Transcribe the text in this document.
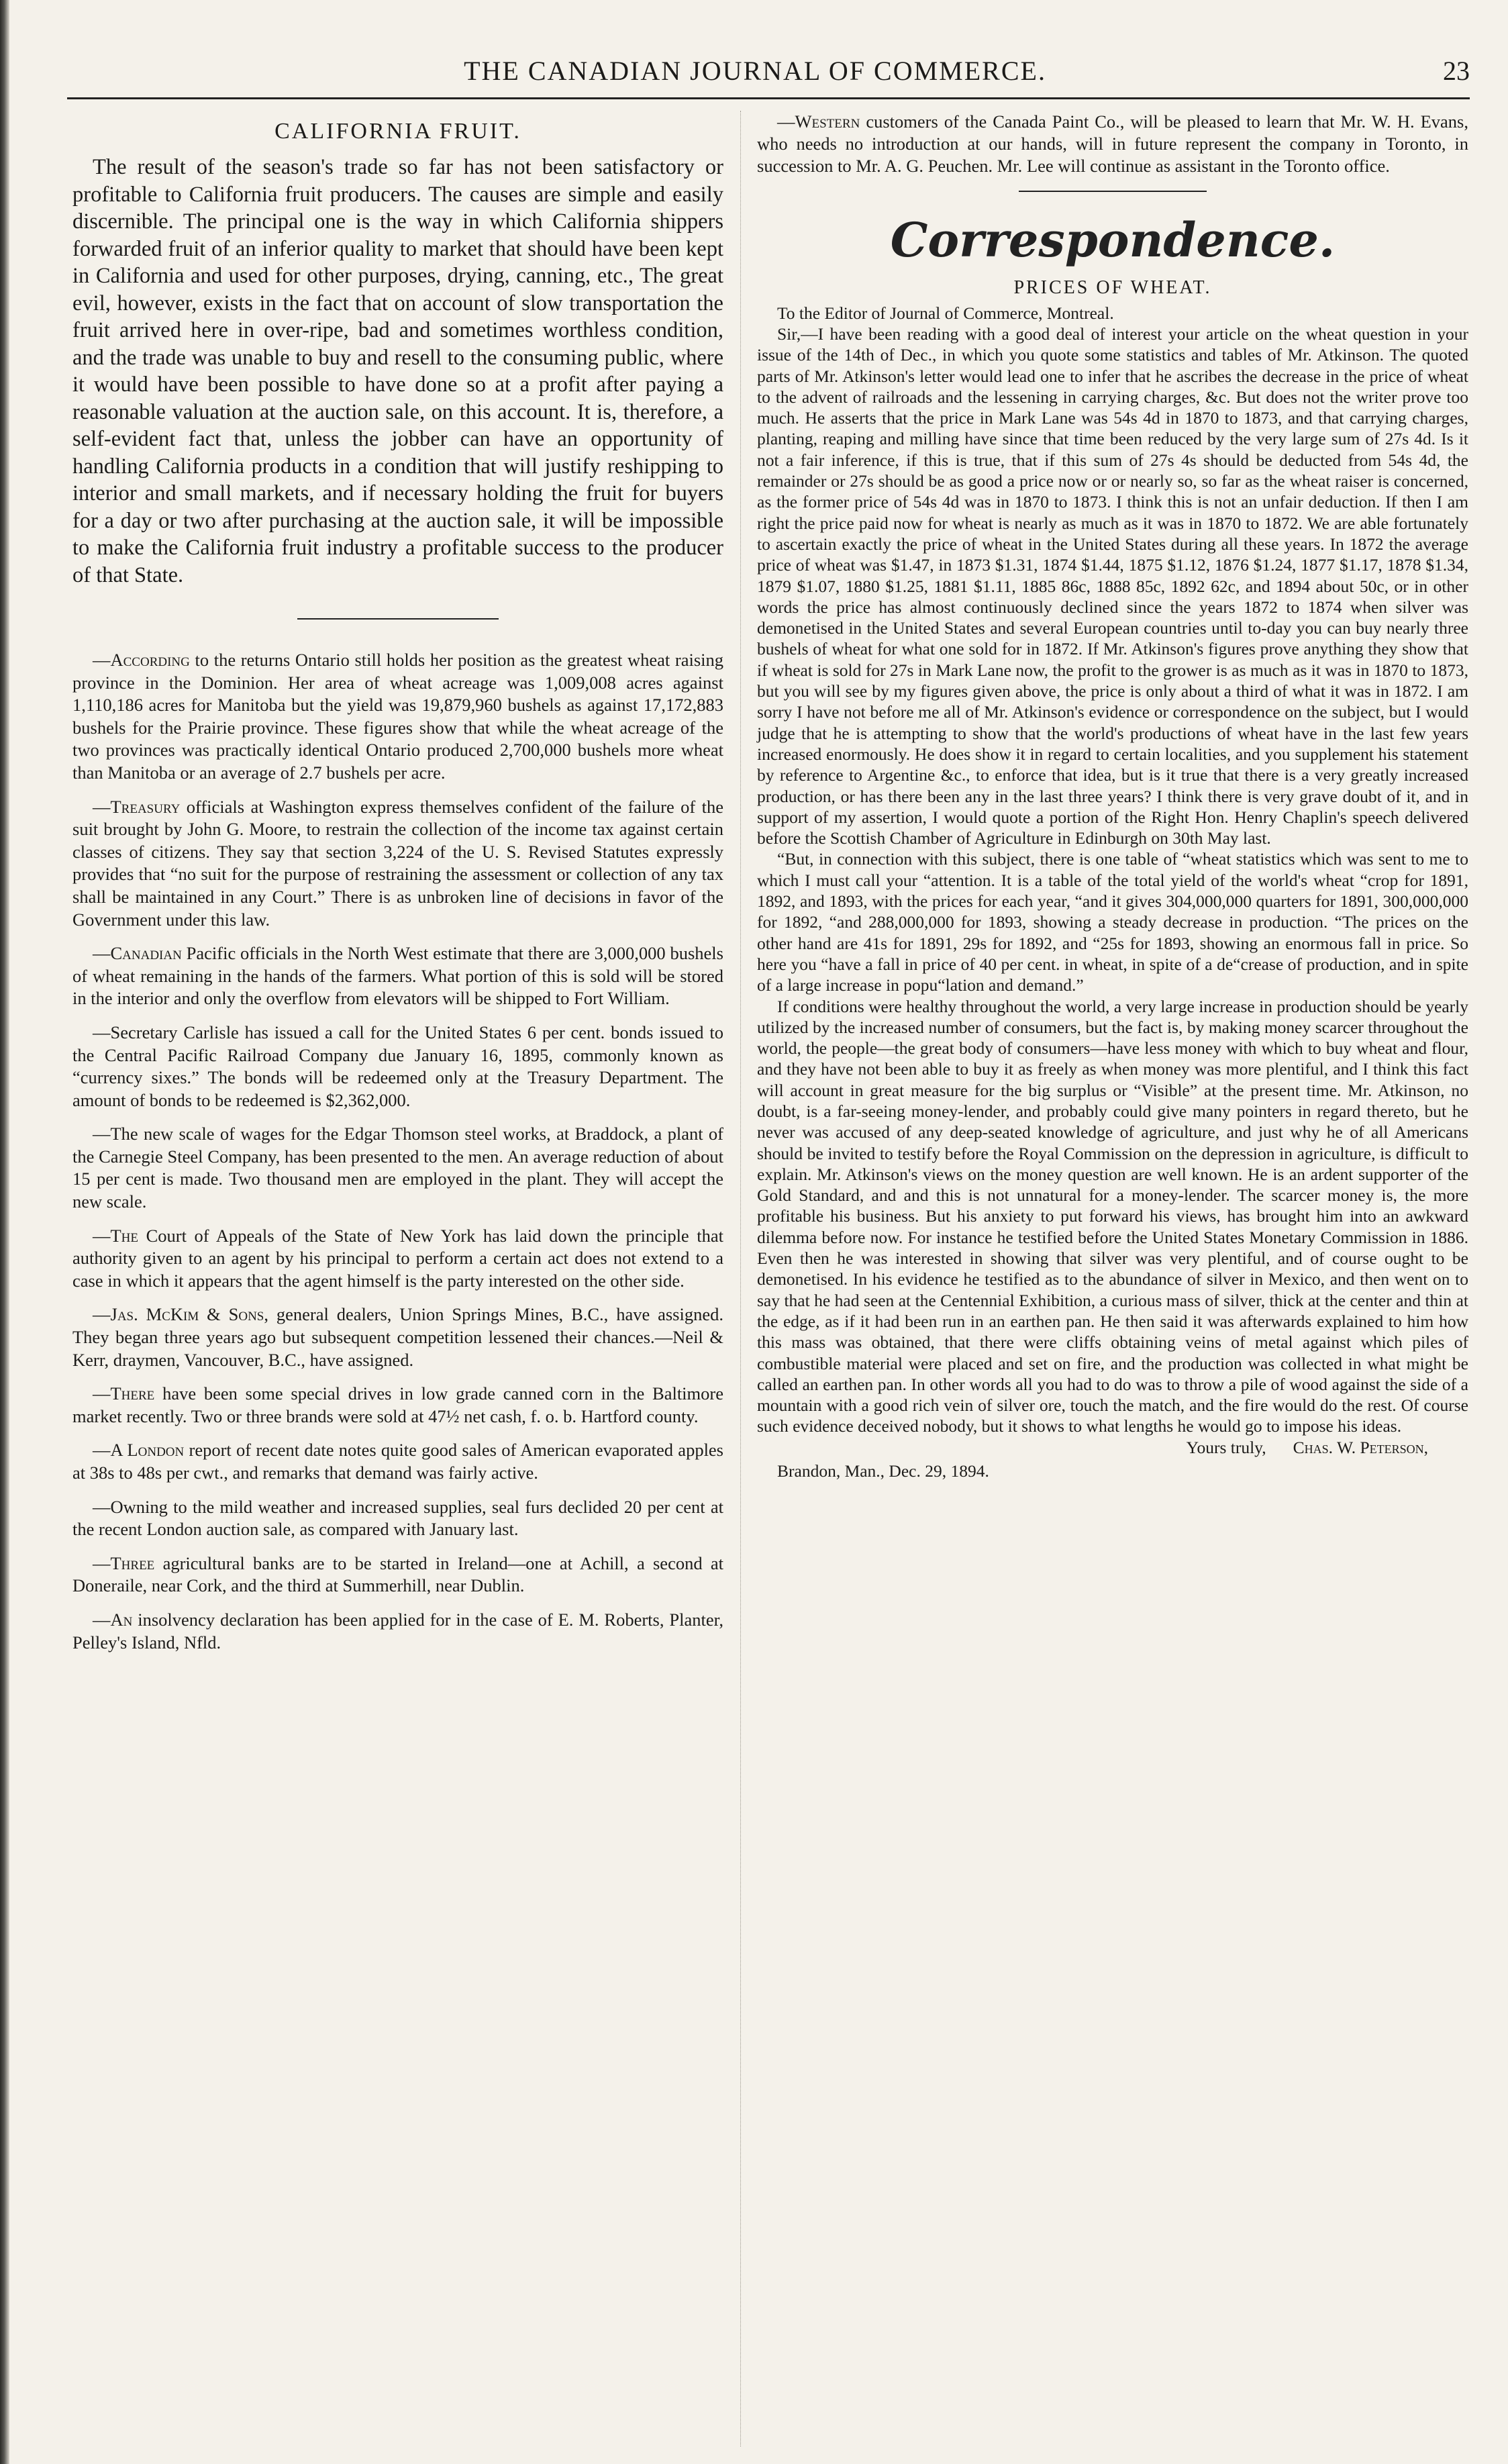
THE CANADIAN JOURNAL OF COMMERCE.	23
CALIFORNIA FRUIT.

The result of the season's trade so far has not been satisfactory or profitable to California fruit producers. The causes are simple and easily discernible. The principal one is the way in which California shippers forwarded fruit of an inferior quality to market that should have been kept in California and used for other purposes, drying, canning, etc., The great evil, however, exists in the fact that on account of slow transportation the fruit arrived here in over-ripe, bad and sometimes worthless condition, and the trade was unable to buy and resell to the consuming public, where it would have been possible to have done so at a profit after paying a reasonable valuation at the auction sale, on this account. It is, therefore, a self-evident fact that, unless the jobber can have an opportunity of handling California products in a condition that will justify reshipping to interior and small markets, and if necessary holding the fruit for buyers for a day or two after purchasing at the auction sale, it will be impossible to make the California fruit industry a profitable success to the producer of that State.

—According to the returns Ontario still holds her position as the greatest wheat raising province in the Dominion. Her area of wheat acreage was 1,009,008 acres against 1,110,186 acres for Manitoba but the yield was 19,879,960 bushels as against 17,172,883 bushels for the Prairie province. These figures show that while the wheat acreage of the two provinces was practically identical Ontario produced 2,700,000 bushels more wheat than Manitoba or an average of 2.7 bushels per acre.

—Treasury officials at Washington express themselves confident of the failure of the suit brought by John G. Moore, to restrain the collection of the income tax against certain classes of citizens. They say that section 3,224 of the U. S. Revised Statutes expressly provides that “no suit for the purpose of restraining the assessment or collection of any tax shall be maintained in any Court.” There is as unbroken line of decisions in favor of the Government under this law.

—Canadian Pacific officials in the North West estimate that there are 3,000,000 bushels of wheat remaining in the hands of the farmers. What portion of this is sold will be stored in the interior and only the overflow from elevators will be shipped to Fort William.

—Secretary Carlisle has issued a call for the United States 6 per cent. bonds issued to the Central Pacific Railroad Company due January 16, 1895, commonly known as “currency sixes.” The bonds will be redeemed only at the Treasury Department. The amount of bonds to be redeemed is $2,362,000.

—The new scale of wages for the Edgar Thomson steel works, at Braddock, a plant of the Carnegie Steel Company, has been presented to the men. An average reduction of about 15 per cent is made. Two thousand men are employed in the plant. They will accept the new scale.

—The Court of Appeals of the State of New York has laid down the principle that authority given to an agent by his principal to perform a certain act does not extend to a case in which it appears that the agent himself is the party interested on the other side.

—Jas. McKim & Sons, general dealers, Union Springs Mines, B.C., have assigned. They began three years ago but subsequent competition lessened their chances.—Neil & Kerr, draymen, Vancouver, B.C., have assigned.

—There have been some special drives in low grade canned corn in the Baltimore market recently. Two or three brands were sold at 47½ net cash, f. o. b. Hartford county.

—A London report of recent date notes quite good sales of American evaporated apples at 38s to 48s per cwt., and remarks that demand was fairly active.

—Owning to the mild weather and increased supplies, seal furs declided 20 per cent at the recent London auction sale, as compared with January last.

—Three agricultural banks are to be started in Ireland—one at Achill, a second at Doneraile, near Cork, and the third at Summerhill, near Dublin.

—An insolvency declaration has been applied for in the case of E. M. Roberts, Planter, Pelley's Island, Nfld.

—Western customers of the Canada Paint Co., will be pleased to learn that Mr. W. H. Evans, who needs no introduction at our hands, will in future represent the company in Toronto, in succession to Mr. A. G. Peuchen. Mr. Lee will continue as assistant in the Toronto office.

Correspondence.
PRICES OF WHEAT.

To the Editor of Journal of Commerce, Montreal.

Sir,—I have been reading with a good deal of interest your article on the wheat question in your issue of the 14th of Dec., in which you quote some statistics and tables of Mr. Atkinson. The quoted parts of Mr. Atkinson's letter would lead one to infer that he ascribes the decrease in the price of wheat to the advent of railroads and the lessening in carrying charges, &c. But does not the writer prove too much. He asserts that the price in Mark Lane was 54s 4d in 1870 to 1873, and that carrying charges, planting, reaping and milling have since that time been reduced by the very large sum of 27s 4d. Is it not a fair inference, if this is true, that if this sum of 27s 4s should be deducted from 54s 4d, the remainder or 27s should be as good a price now or or nearly so, so far as the wheat raiser is concerned, as the former price of 54s 4d was in 1870 to 1873. I think this is not an unfair deduction. If then I am right the price paid now for wheat is nearly as much as it was in 1870 to 1872. We are able fortunately to ascertain exactly the price of wheat in the United States during all these years. In 1872 the average price of wheat was $1.47, in 1873 $1.31, 1874 $1.44, 1875 $1.12, 1876 $1.24, 1877 $1.17, 1878 $1.34, 1879 $1.07, 1880 $1.25, 1881 $1.11, 1885 86c, 1888 85c, 1892 62c, and 1894 about 50c, or in other words the price has almost continuously declined since the years 1872 to 1874 when silver was demonetised in the United States and several European countries until to-day you can buy nearly three bushels of wheat for what one sold for in 1872. If Mr. Atkinson's figures prove anything they show that if wheat is sold for 27s in Mark Lane now, the profit to the grower is as much as it was in 1870 to 1873, but you will see by my figures given above, the price is only about a third of what it was in 1872. I am sorry I have not before me all of Mr. Atkinson's evidence or correspondence on the subject, but I would judge that he is attempting to show that the world's productions of wheat have in the last few years increased enormously. He does show it in regard to certain localities, and you supplement his statement by reference to Argentine &c., to enforce that idea, but is it true that there is a very greatly increased production, or has there been any in the last three years? I think there is very grave doubt of it, and in support of my assertion, I would quote a portion of the Right Hon. Henry Chaplin's speech delivered before the Scottish Chamber of Agriculture in Edinburgh on 30th May last.

“But, in connection with this subject, there is one table of “wheat statistics which was sent to me to which I must call your “attention. It is a table of the total yield of the world's wheat “crop for 1891, 1892, and 1893, with the prices for each year, “and it gives 304,000,000 quarters for 1891, 300,000,000 for 1892, “and 288,000,000 for 1893, showing a steady decrease in production. “The prices on the other hand are 41s for 1891, 29s for 1892, and “25s for 1893, showing an enormous fall in price. So here you “have a fall in price of 40 per cent. in wheat, in spite of a de“crease of production, and in spite of a large increase in popu“lation and demand.”

If conditions were healthy throughout the world, a very large increase in production should be yearly utilized by the increased number of consumers, but the fact is, by making money scarcer throughout the world, the people—the great body of consumers—have less money with which to buy wheat and flour, and they have not been able to buy it as freely as when money was more plentiful, and I think this fact will account in great measure for the big surplus or “Visible” at the present time. Mr. Atkinson, no doubt, is a far-seeing money-lender, and probably could give many pointers in regard thereto, but he never was accused of any deep-seated knowledge of agriculture, and just why he of all Americans should be invited to testify before the Royal Commission on the depression in agriculture, is difficult to explain. Mr. Atkinson's views on the money question are well known. He is an ardent supporter of the Gold Standard, and and this is not unnatural for a money-lender. The scarcer money is, the more profitable his business. But his anxiety to put forward his views, has brought him into an awkward dilemma before now. For instance he testified before the United States Monetary Commission in 1886. Even then he was interested in showing that silver was very plentiful, and of course ought to be demonetised. In his evidence he testified as to the abundance of silver in Mexico, and then went on to say that he had seen at the Centennial Exhibition, a curious mass of silver, thick at the center and thin at the edge, as if it had been run in an earthen pan. He then said it was afterwards explained to him how this mass was obtained, that there were cliffs obtaining veins of metal against which piles of combustible material were placed and set on fire, and the production was collected in what might be called an earthen pan. In other words all you had to do was to throw a pile of wood against the side of a mountain with a good rich vein of silver ore, touch the match, and the fire would do the rest. Of course such evidence deceived nobody, but it shows to what lengths he would go to impose his ideas.

Yours truly, Chas. W. Peterson,

Brandon, Man., Dec. 29, 1894.
